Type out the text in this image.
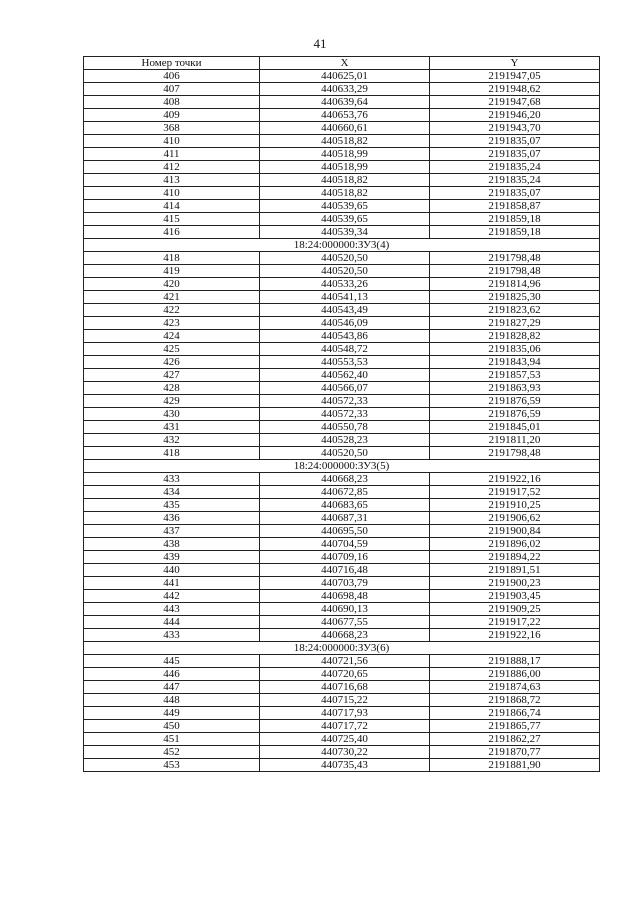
41
Номер точки	X	Y
406	440625,01	2191947,05
407	440633,29	2191948,62
408	440639,64	2191947,68
409	440653,76	2191946,20
368	440660,61	2191943,70
410	440518,82	2191835,07
411	440518,99	2191835,07
412	440518,99	2191835,24
413	440518,82	2191835,24
410	440518,82	2191835,07
414	440539,65	2191858,87
415	440539,65	2191859,18
416	440539,34	2191859,18
18:24:000000:ЗУ3(4)		
418	440520,50	2191798,48
419	440520,50	2191798,48
420	440533,26	2191814,96
421	440541,13	2191825,30
422	440543,49	2191823,62
423	440546,09	2191827,29
424	440543,86	2191828,82
425	440548,72	2191835,06
426	440553,53	2191843,94
427	440562,40	2191857,53
428	440566,07	2191863,93
429	440572,33	2191876,59
430	440572,33	2191876,59
431	440550,78	2191845,01
432	440528,23	2191811,20
418	440520,50	2191798,48
18:24:000000:ЗУ3(5)		
433	440668,23	2191922,16
434	440672,85	2191917,52
435	440683,65	2191910,25
436	440687,31	2191906,62
437	440695,50	2191900,84
438	440704,59	2191896,02
439	440709,16	2191894,22
440	440716,48	2191891,51
441	440703,79	2191900,23
442	440698,48	2191903,45
443	440690,13	2191909,25
444	440677,55	2191917,22
433	440668,23	2191922,16
18:24:000000:ЗУ3(6)		
445	440721,56	2191888,17
446	440720,65	2191886,00
447	440716,68	2191874,63
448	440715,22	2191868,72
449	440717,93	2191866,74
450	440717,72	2191865,77
451	440725,40	2191862,27
452	440730,22	2191870,77
453	440735,43	2191881,90
